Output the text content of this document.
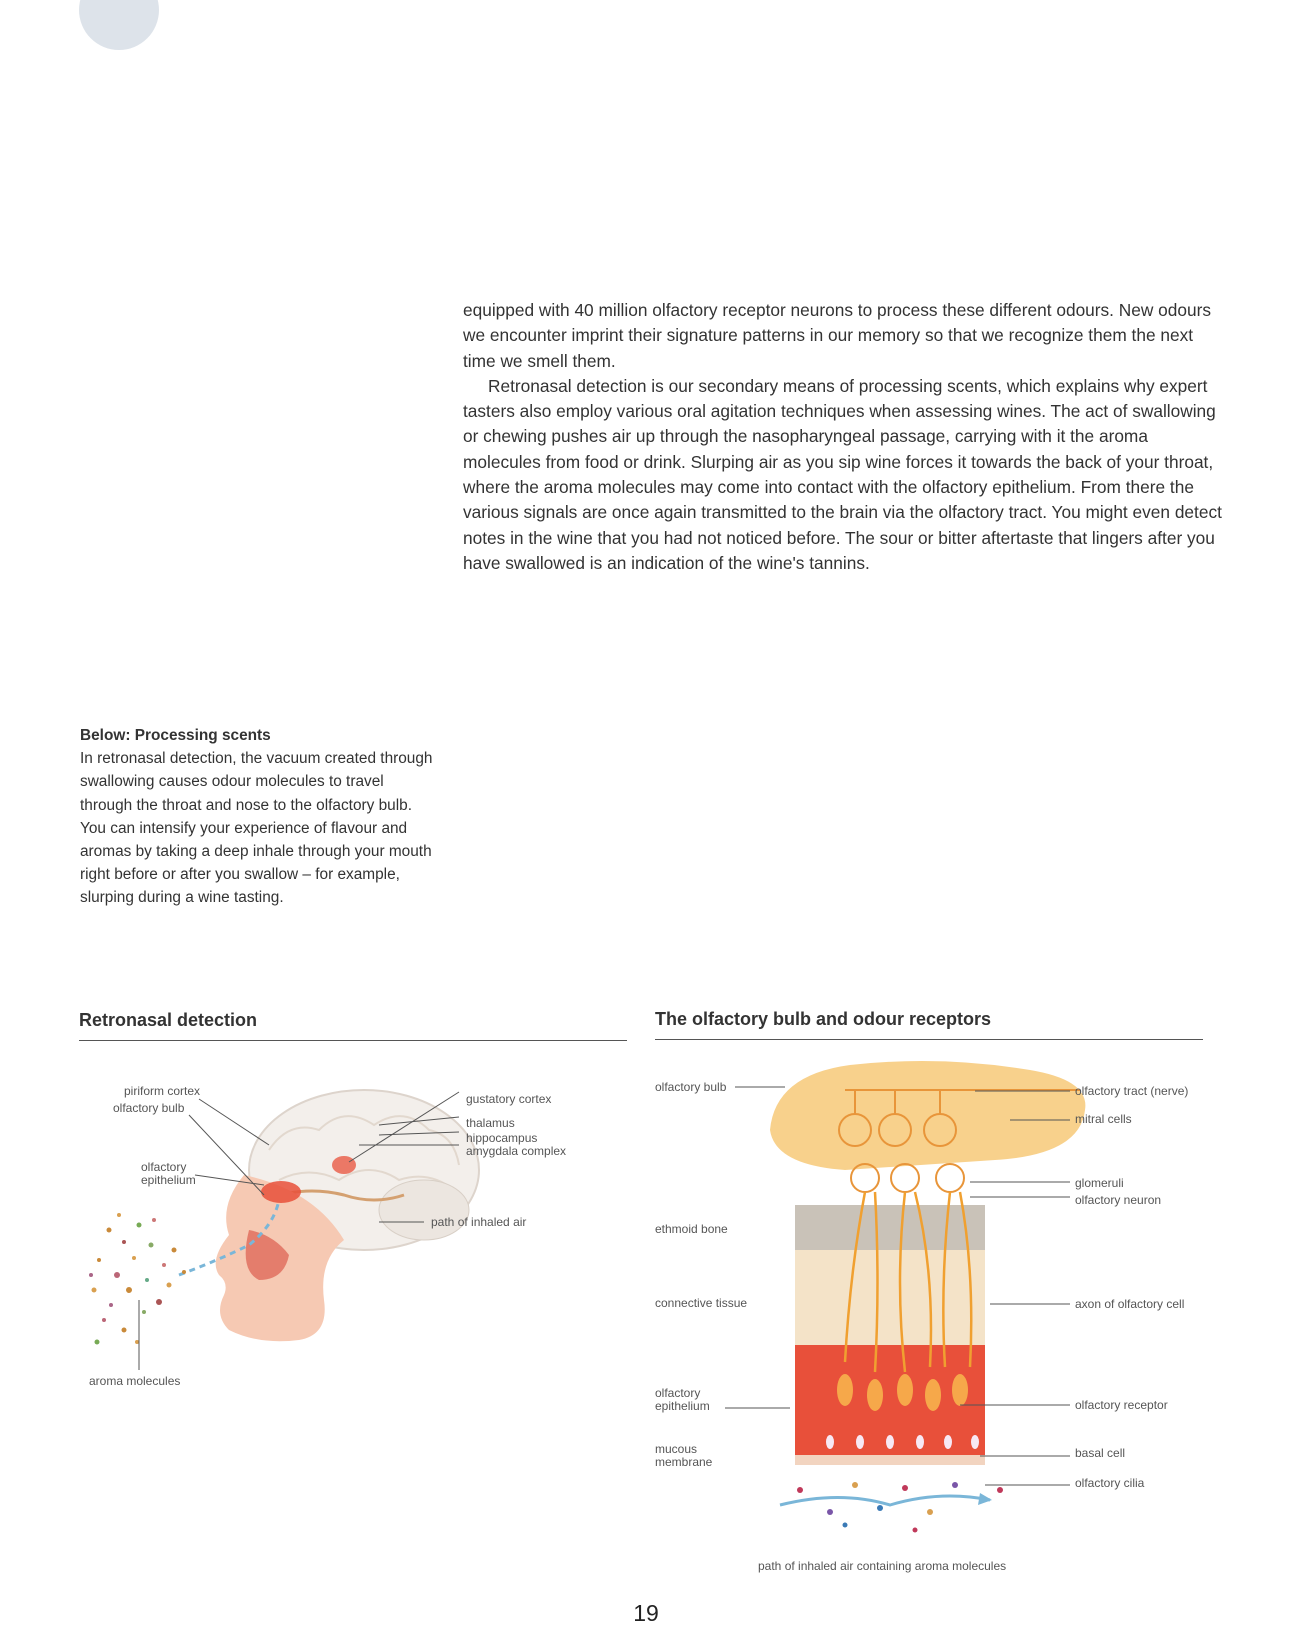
equipped with 40 million olfactory receptor neurons to process these different odours. New odours we encounter imprint their signature patterns in our memory so that we recognize them the next time we smell them.

Retronasal detection is our secondary means of processing scents, which explains why expert tasters also employ various oral agitation techniques when assessing wines. The act of swallowing or chewing pushes air up through the nasopharyngeal passage, carrying with it the aroma molecules from food or drink. Slurping air as you sip wine forces it towards the back of your throat, where the aroma molecules may come into contact with the olfactory epithelium. From there the various signals are once again transmitted to the brain via the olfactory tract. You might even detect notes in the wine that you had not noticed before. The sour or bitter aftertaste that lingers after you have swallowed is an indication of the wine's tannins.

Below: Processing scents

In retronasal detection, the vacuum created through swallowing causes odour molecules to travel through the throat and nose to the olfactory bulb. You can intensify your experience of flavour and aromas by taking a deep inhale through your mouth right before or after you swallow – for example, slurping during a wine tasting.

Retronasal detection	The olfactory bulb and odour receptors
piriform cortex
olfactory bulb
olfactory
epithelium
gustatory cortex
thalamus
hippocampus
amygdala complex
path of inhaled air
aroma molecules
olfactory bulb
ethmoid bone
connective tissue
olfactory
epithelium
mucous
membrane
olfactory tract (nerve)
mitral cells
glomeruli
olfactory neuron
axon of olfactory cell
olfactory receptor
basal cell
olfactory cilia
path of inhaled air containing aroma molecules
19
